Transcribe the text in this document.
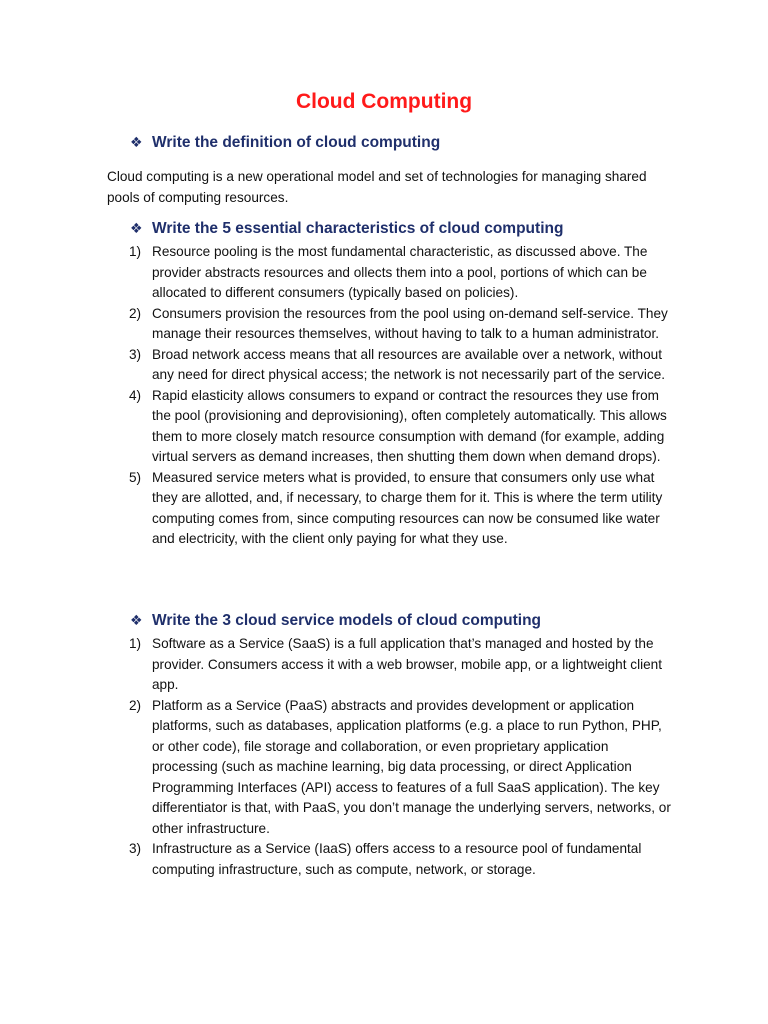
Cloud Computing
❖ Write the definition of cloud computing
Cloud computing is a new operational model and set of technologies for managing shared pools of computing resources.
❖ Write the 5 essential characteristics of cloud computing
1) Resource pooling is the most fundamental characteristic, as discussed above. The provider abstracts resources and ollects them into a pool, portions of which can be allocated to different consumers (typically based on policies).
2) Consumers provision the resources from the pool using on-demand self-service. They manage their resources themselves, without having to talk to a human administrator.
3) Broad network access means that all resources are available over a network, without any need for direct physical access; the network is not necessarily part of the service.
4) Rapid elasticity allows consumers to expand or contract the resources they use from the pool (provisioning and deprovisioning), often completely automatically. This allows them to more closely match resource consumption with demand (for example, adding virtual servers as demand increases, then shutting them down when demand drops).
5) Measured service meters what is provided, to ensure that consumers only use what they are allotted, and, if necessary, to charge them for it. This is where the term utility computing comes from, since computing resources can now be consumed like water and electricity, with the client only paying for what they use.
❖ Write the 3 cloud service models of cloud computing
1) Software as a Service (SaaS) is a full application that’s managed and hosted by the provider. Consumers access it with a web browser, mobile app, or a lightweight client app.
2) Platform as a Service (PaaS) abstracts and provides development or application platforms, such as databases, application platforms (e.g. a place to run Python, PHP, or other code), file storage and collaboration, or even proprietary application processing (such as machine learning, big data processing, or direct Application Programming Interfaces (API) access to features of a full SaaS application). The key differentiator is that, with PaaS, you don’t manage the underlying servers, networks, or other infrastructure.
3) Infrastructure as a Service (IaaS) offers access to a resource pool of fundamental computing infrastructure, such as compute, network, or storage.
